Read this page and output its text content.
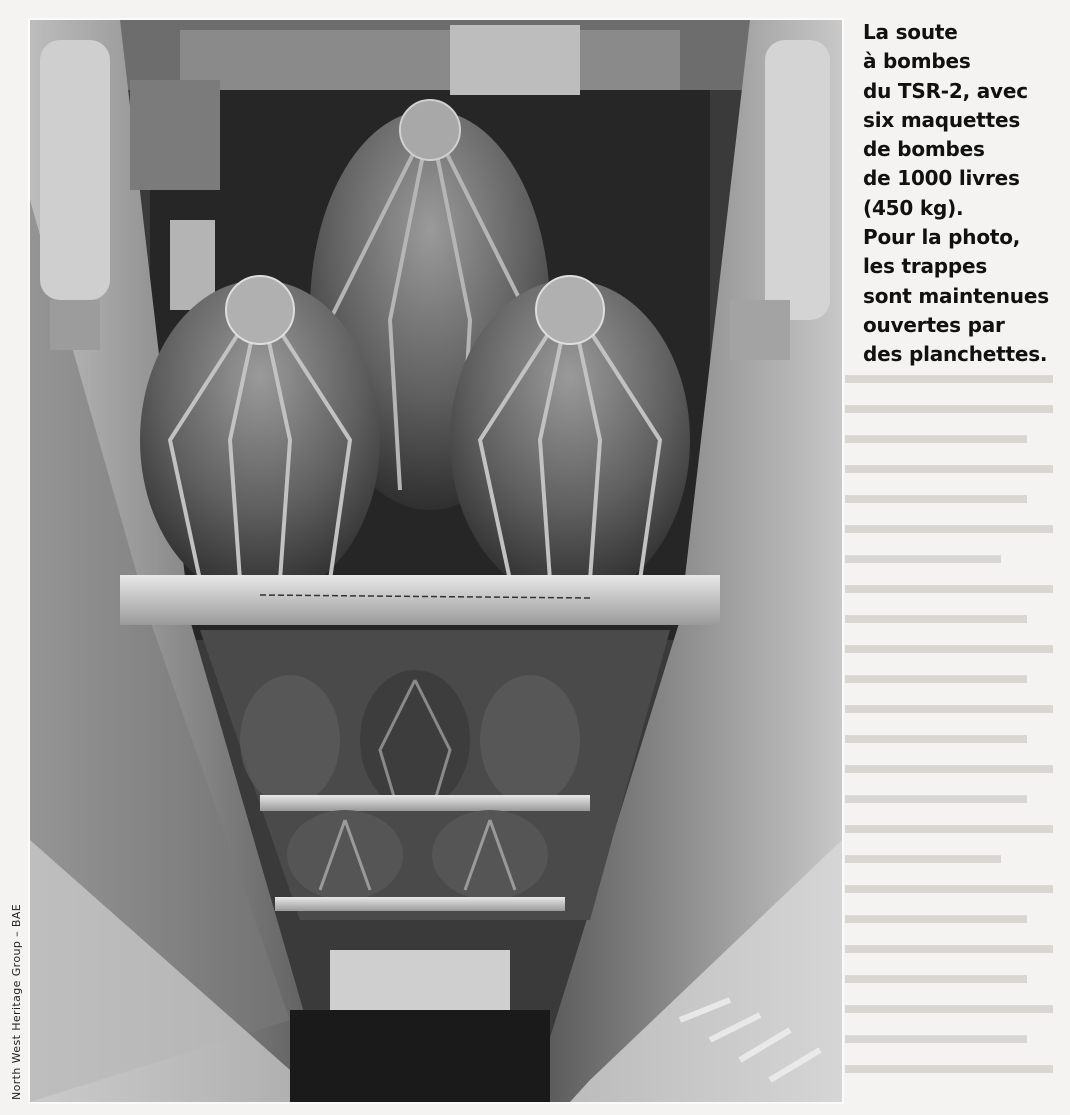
▬▬▬▬▬▬▬▬
▬▬▬▬▬▬▬▬
▬▬▬▬▬▬▬
▬▬▬▬▬▬▬▬
▬▬▬▬▬▬▬
▬▬▬▬▬▬▬▬
▬▬▬▬▬▬
▬▬▬▬▬▬▬▬
▬▬▬▬▬▬▬
▬▬▬▬▬▬▬▬
▬▬▬▬▬▬▬
▬▬▬▬▬▬▬▬
▬▬▬▬▬▬▬
▬▬▬▬▬▬▬▬
▬▬▬▬▬▬▬
▬▬▬▬▬▬▬▬
▬▬▬▬▬▬
▬▬▬▬▬▬▬▬
▬▬▬▬▬▬▬
▬▬▬▬▬▬▬▬
▬▬▬▬▬▬▬
▬▬▬▬▬▬▬▬
▬▬▬▬▬▬▬
▬▬▬▬▬▬▬▬
La soute
à bombes
du TSR-2, avec
six maquettes
de bombes
de 1000 livres
(450 kg).
Pour la photo,
les trappes
sont maintenues
ouvertes par
des planchettes.
North West Heritage Group – BAE
